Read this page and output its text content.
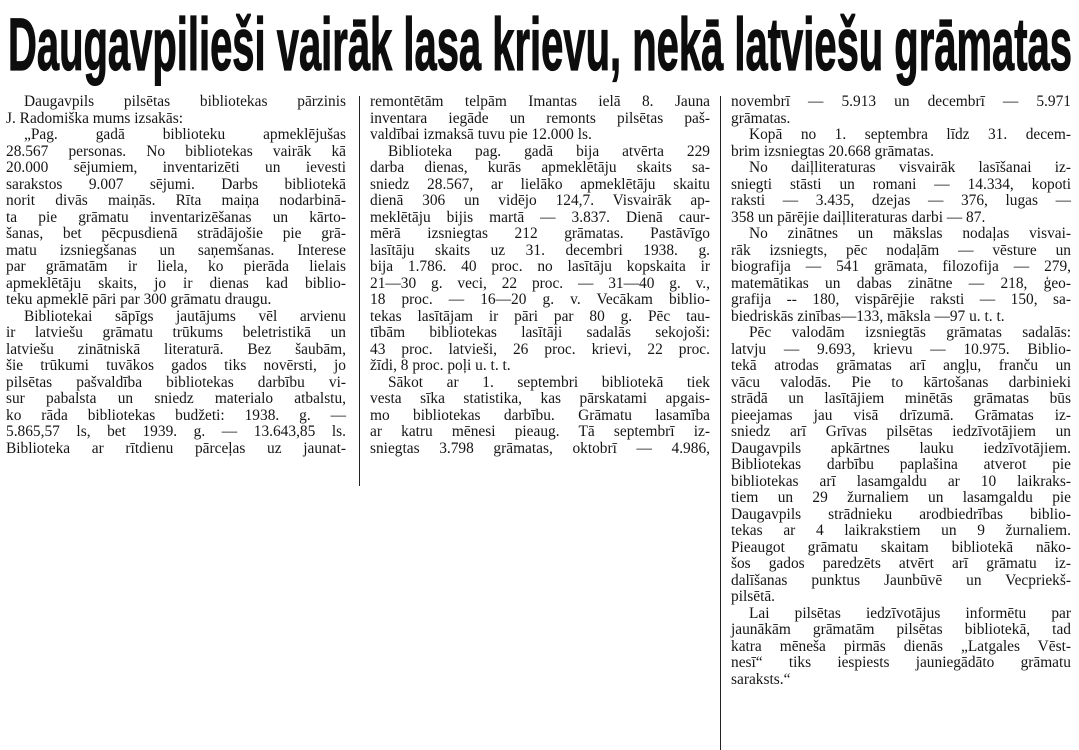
Daugavpilieši vairāk lasa krievu, nekā latviešu grāmatas
Daugavpils pilsētas bibliotekas pārzinis
J. Radomiška mums izsakās:
„Pag. gadā biblioteku apmeklējušas
28.567 personas. No bibliotekas vairāk kā
20.000 sējumiem, inventarizēti un ievesti
sarakstos 9.007 sējumi. Darbs bibliotekā
norit divās maiņās. Rīta maiņa nodarbinā-
ta pie grāmatu inventarizēšanas un kārto-
šanas, bet pēcpusdienā strādājošie pie grā-
matu izsniegšanas un saņemšanas. Interese
par grāmatām ir liela, ko pierāda lielais
apmeklētāju skaits, jo ir dienas kad biblio-
teku apmeklē pāri par 300 grāmatu draugu.
Bibliotekai sāpīgs jautājums vēl arvienu
ir latviešu grāmatu trūkums beletristikā un
latviešu zinātniskā literaturā. Bez šaubām,
šie trūkumi tuvākos gados tiks novērsti, jo
pilsētas pašvaldība bibliotekas darbību vi-
sur pabalsta un sniedz materialo atbalstu,
ko rāda bibliotekas budžeti: 1938. g. —
5.865,57 ls, bet 1939. g. — 13.643,85 ls.
Biblioteka ar rītdienu pārceļas uz jaunat-
remontētām telpām Imantas ielā 8. Jauna
inventara iegāde un remonts pilsētas paš-
valdībai izmaksā tuvu pie 12.000 ls.
Biblioteka pag. gadā bija atvērta 229
darba dienas, kurās apmeklētāju skaits sa-
sniedz 28.567, ar lielāko apmeklētāju skaitu
dienā 306 un vidējo 124,7. Visvairāk ap-
meklētāju bijis martā — 3.837. Dienā caur-
mērā izsniegtas 212 grāmatas. Pastāvīgo
lasītāju skaits uz 31. decembri 1938. g.
bija 1.786. 40 proc. no lasītāju kopskaita ir
21—30 g. veci, 22 proc. — 31—40 g. v.,
18 proc. — 16—20 g. v. Vecākam biblio-
tekas lasītājam ir pāri par 80 g. Pēc tau-
tībām bibliotekas lasītāji sadalās sekojoši:
43 proc. latvieši, 26 proc. krievi, 22 proc.
žīdi, 8 proc. poļi u. t. t.
Sākot ar 1. septembri bibliotekā tiek
vesta sīka statistika, kas pārskatami apgais-
mo bibliotekas darbību. Grāmatu lasamība
ar katru mēnesi pieaug. Tā septembrī iz-
sniegtas 3.798 grāmatas, oktobrī — 4.986,
novembrī — 5.913 un decembrī — 5.971
grāmatas.
Kopā no 1. septembra līdz 31. decem-
brim izsniegtas 20.668 grāmatas.
No daiļliteraturas visvairāk lasīšanai iz-
sniegti stāsti un romani — 14.334, kopoti
raksti — 3.435, dzejas — 376, lugas —
358 un pārējie daiļliteraturas darbi — 87.
No zinātnes un mākslas nodaļas visvai-
rāk izsniegts, pēc nodaļām — vēsture un
biografija — 541 grāmata, filozofija — 279,
matemātikas un dabas zinātne — 218, ģeo-
grafija -- 180, vispārējie raksti — 150, sa-
biedriskās zinības—133, māksla —97 u. t. t.
Pēc valodām izsniegtās grāmatas sadalās:
latvju — 9.693, krievu — 10.975. Biblio-
tekā atrodas grāmatas arī angļu, franču un
vācu valodās. Pie to kārtošanas darbinieki
strādā un lasītājiem minētās grāmatas būs
pieejamas jau visā drīzumā. Grāmatas iz-
sniedz arī Grīvas pilsētas iedzīvotājiem un
Daugavpils apkārtnes lauku iedzīvotājiem.
Bibliotekas darbību paplašina atverot pie
bibliotekas arī lasamgaldu ar 10 laikraks-
tiem un 29 žurnaliem un lasamgaldu pie
Daugavpils strādnieku arodbiedrības biblio-
tekas ar 4 laikrakstiem un 9 žurnaliem.
Pieaugot grāmatu skaitam bibliotekā nāko-
šos gados paredzēts atvērt arī grāmatu iz-
dalīšanas punktus Jaunbūvē un Vecpriekš-
pilsētā.
Lai pilsētas iedzīvotājus informētu par
jaunākām grāmatām pilsētas bibliotekā, tad
katra mēneša pirmās dienās „Latgales Vēst-
nesī“ tiks iespiests jauniegādāto grāmatu
saraksts.“
